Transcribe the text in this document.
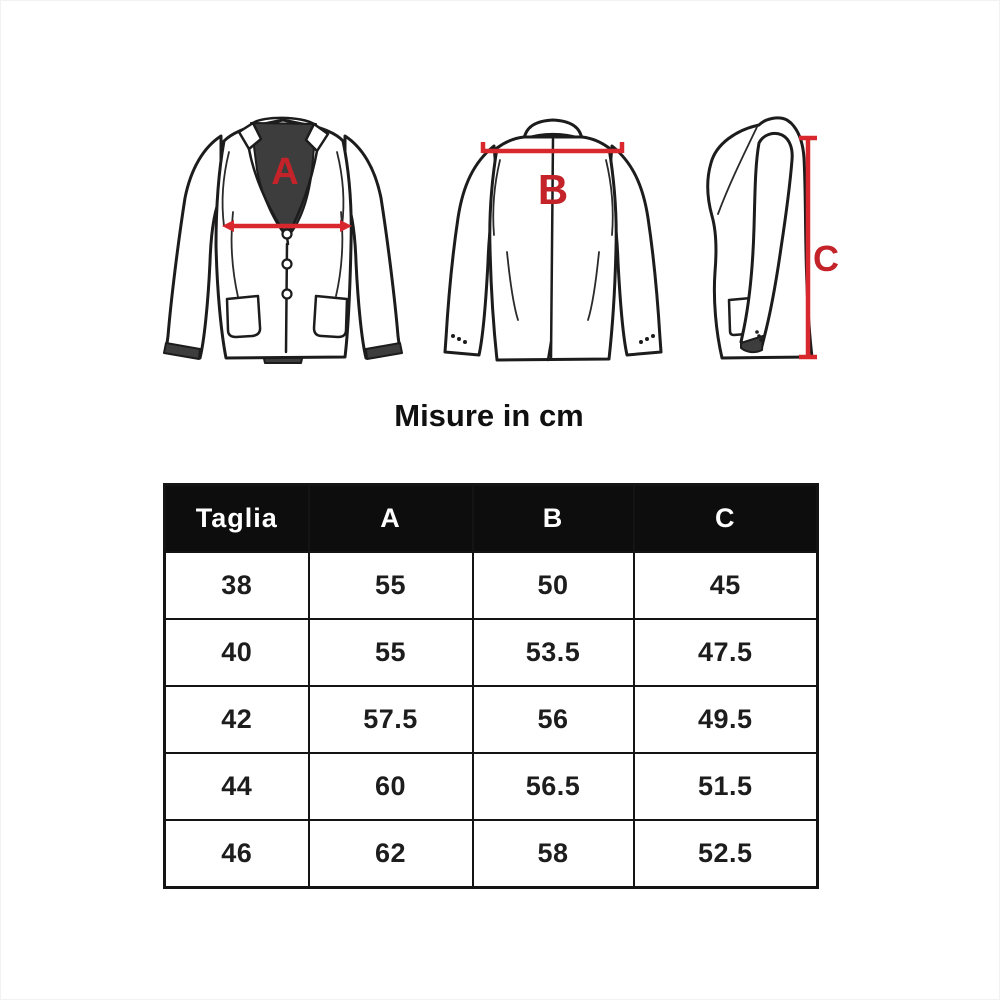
A	B
C
Misure in cm
Taglia	A	B	C
38	55	50	45
40	55	53.5	47.5
42	57.5	56	49.5
44	60	56.5	51.5
46	62	58	52.5
